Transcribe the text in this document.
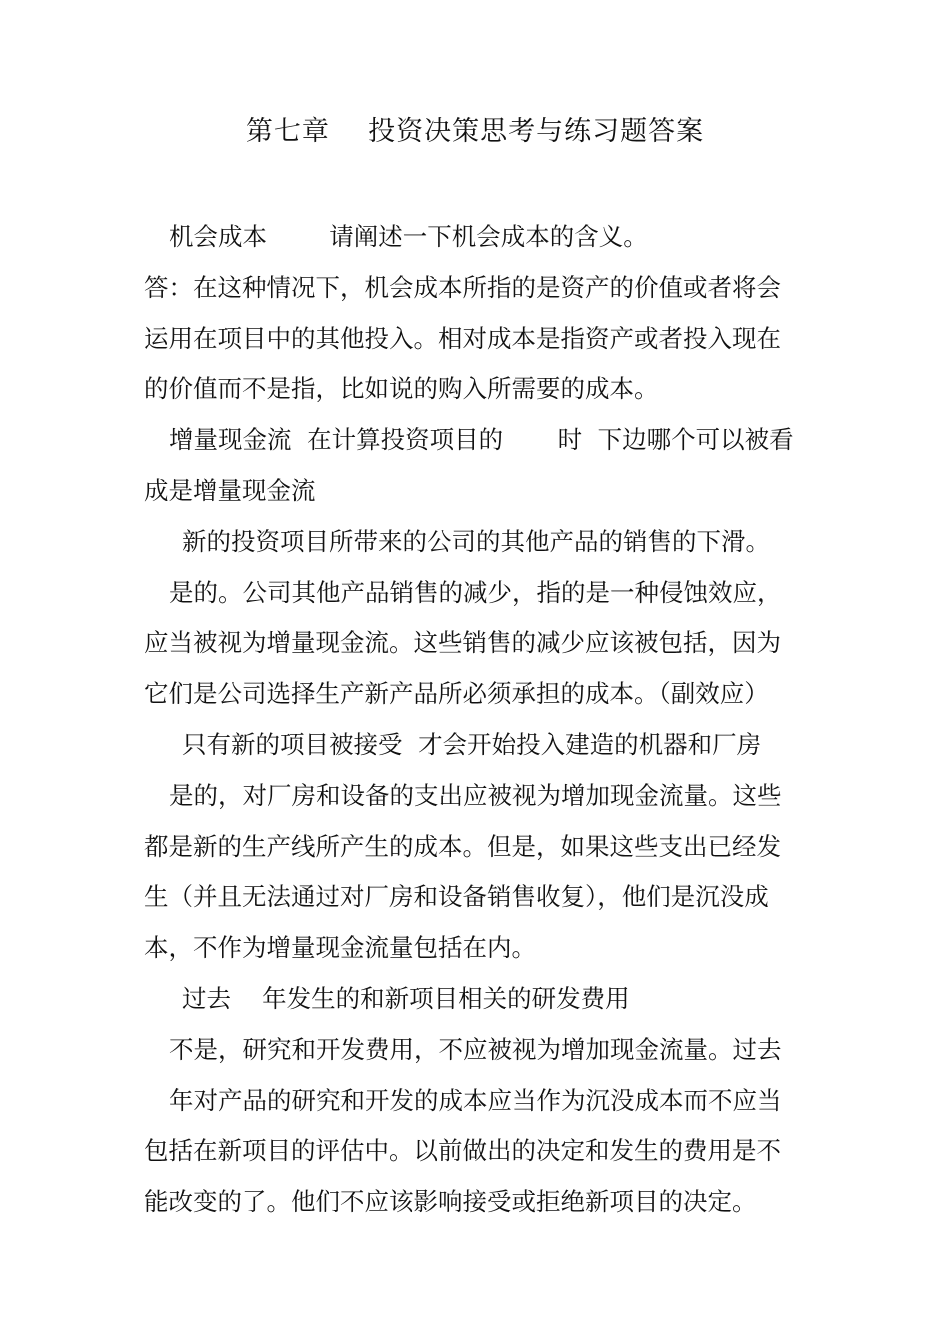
第七章    投资决策思考与练习题答案
机会成本        请阐述一下机会成本的含义。
答：在这种情况下，机会成本所指的是资产的价值或者将会
运用在项目中的其他投入。相对成本是指资产或者投入现在
的价值而不是指，比如说的购入所需要的成本。
增量现金流  在计算投资项目的       时  下边哪个可以被看
成是增量现金流
新的投资项目所带来的公司的其他产品的销售的下滑。
是的。公司其他产品销售的减少，指的是一种侵蚀效应，
应当被视为增量现金流。这些销售的减少应该被包括，因为
它们是公司选择生产新产品所必须承担的成本。（副效应）
只有新的项目被接受  才会开始投入建造的机器和厂房
是的，对厂房和设备的支出应被视为增加现金流量。这些
都是新的生产线所产生的成本。但是，如果这些支出已经发
生（并且无法通过对厂房和设备销售收复），他们是沉没成
本，不作为增量现金流量包括在内。
过去    年发生的和新项目相关的研发费用
不是，研究和开发费用，不应被视为增加现金流量。过去
年对产品的研究和开发的成本应当作为沉没成本而不应当
包括在新项目的评估中。以前做出的决定和发生的费用是不
能改变的了。他们不应该影响接受或拒绝新项目的决定。
